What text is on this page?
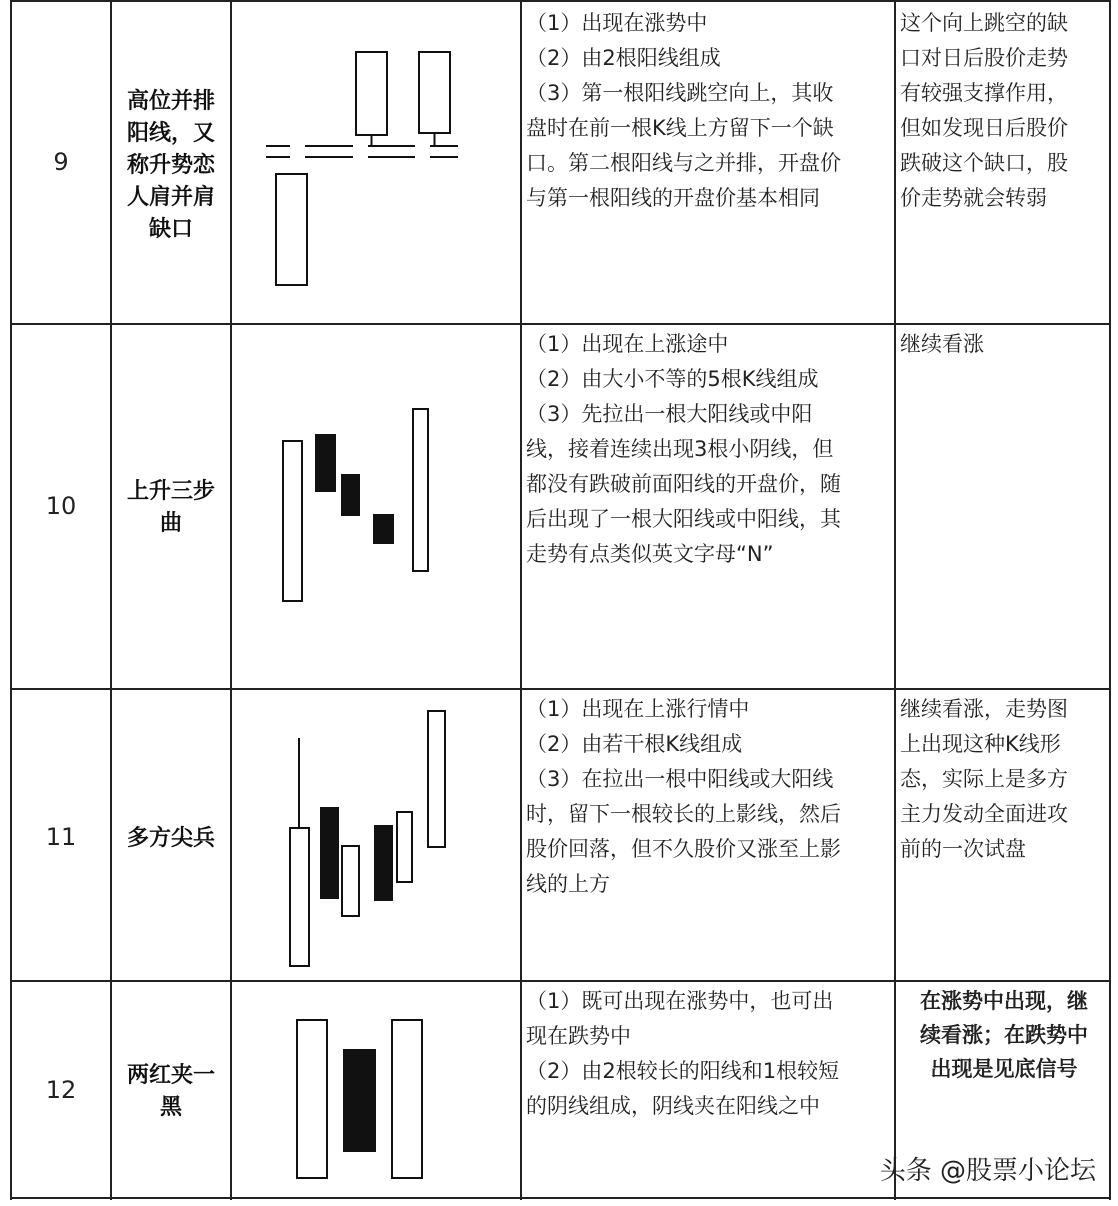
9
高位并排
阳线，又
称升势恋
人肩并肩
缺口
（1）出现在涨势中
（2）由2根阳线组成
（3）第一根阳线跳空向上，其收
盘时在前一根K线上方留下一个缺
口。第二根阳线与之并排，开盘价
与第一根阳线的开盘价基本相同
这个向上跳空的缺
口对日后股价走势
有较强支撑作用，
但如发现日后股价
跌破这个缺口，股
价走势就会转弱
10
上升三步
曲
（1）出现在上涨途中
（2）由大小不等的5根K线组成
（3）先拉出一根大阳线或中阳
线，接着连续出现3根小阴线，但
都没有跌破前面阳线的开盘价，随
后出现了一根大阳线或中阳线，其
走势有点类似英文字母“N”
继续看涨
11	多方尖兵
（1）出现在上涨行情中
（2）由若干根K线组成
（3）在拉出一根中阳线或大阳线
时，留下一根较长的上影线，然后
股价回落，但不久股价又涨至上影
线的上方
继续看涨，走势图
上出现这种K线形
态，实际上是多方
主力发动全面进攻
前的一次试盘
12
两红夹一
黑
（1）既可出现在涨势中，也可出
现在跌势中
（2）由2根较长的阳线和1根较短
的阴线组成，阴线夹在阳线之中
在涨势中出现，继
续看涨；在跌势中
出现是见底信号
头条 @股票小论坛
